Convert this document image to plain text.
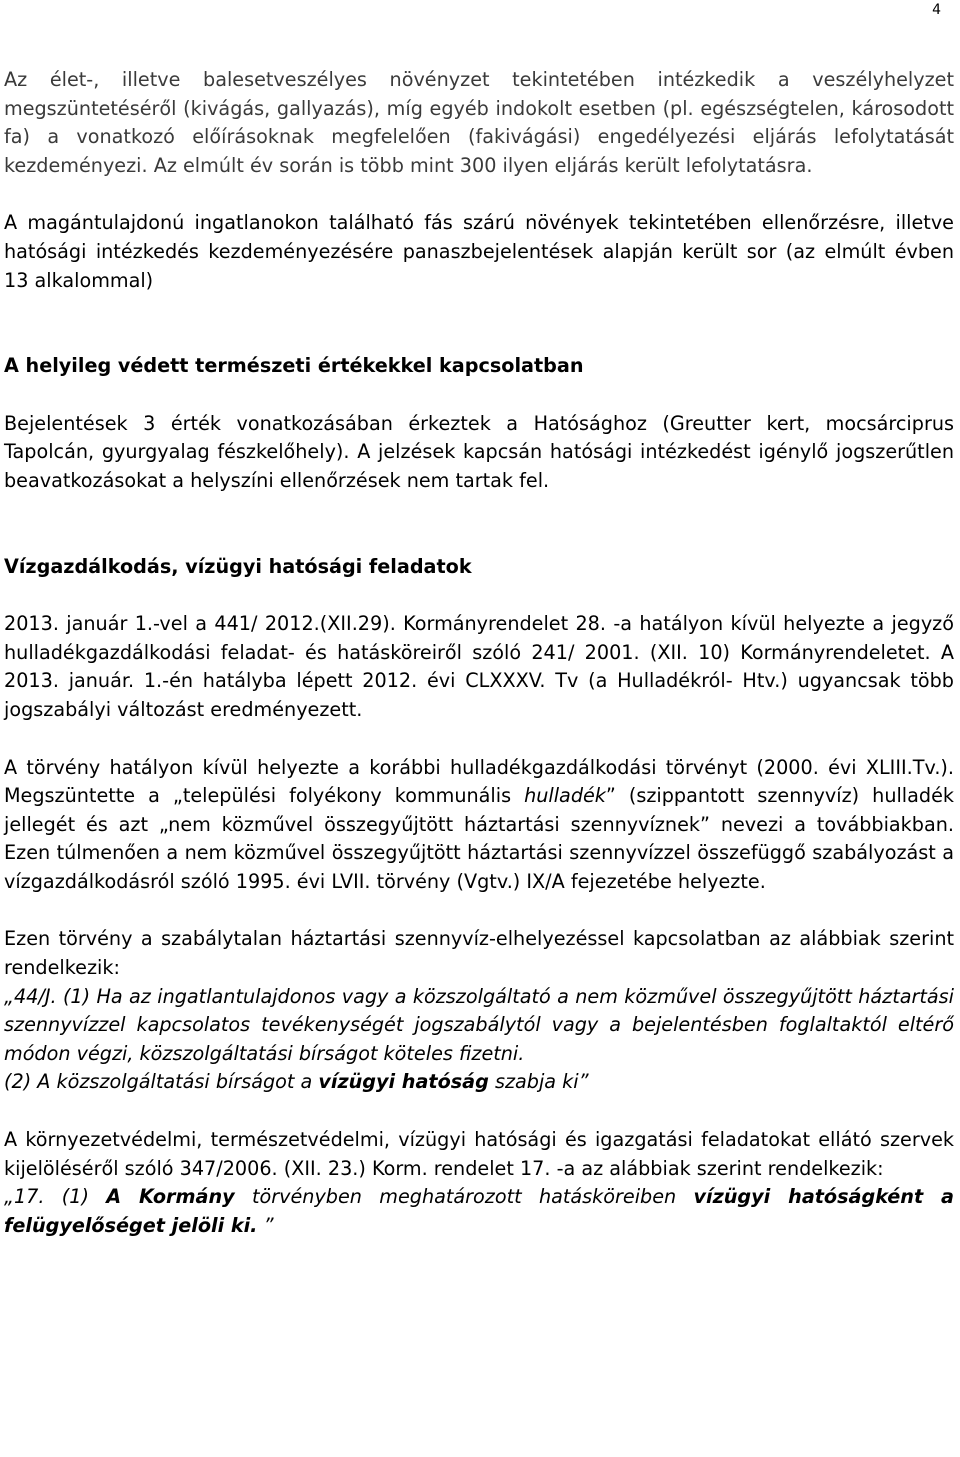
4

Az élet-, illetve balesetveszélyes növényzet tekintetében intézkedik a veszélyhelyzet megszüntetéséről (kivágás, gallyazás), míg egyéb indokolt esetben (pl. egészségtelen, károsodott fa) a vonatkozó előírásoknak megfelelően (fakivágási) engedélyezési eljárás lefolytatását kezdeményezi. Az elmúlt év során is több mint 300 ilyen eljárás került lefolytatásra.

A magántulajdonú ingatlanokon található fás szárú növények tekintetében ellenőrzésre, illetve hatósági intézkedés kezdeményezésére panaszbejelentések alapján került sor (az elmúlt évben 13 alkalommal)

A helyileg védett természeti értékekkel kapcsolatban

Bejelentések 3 érték vonatkozásában érkeztek a Hatósághoz (Greutter kert, mocsárciprus Tapolcán, gyurgyalag fészkelőhely). A jelzések kapcsán hatósági intézkedést igénylő jogszerűtlen beavatkozásokat a helyszíni ellenőrzések nem tartak fel.

Vízgazdálkodás, vízügyi hatósági feladatok

2013. január 1.-vel a 441/ 2012.(XII.29). Kormányrendelet 28. -a hatályon kívül helyezte a jegyző hulladékgazdálkodási feladat- és hatásköreiről szóló 241/ 2001. (XII. 10) Kormányrendeletet. A 2013. január. 1.-én hatályba lépett 2012. évi CLXXXV. Tv (a Hulladékról- Htv.) ugyancsak több jogszabályi változást eredményezett.

A törvény hatályon kívül helyezte a korábbi hulladékgazdálkodási törvényt (2000. évi XLIII.Tv.). Megszüntette a „települési folyékony kommunális hulladék” (szippantott szennyvíz) hulladék jellegét és azt „nem közművel összegyűjtött háztartási szennyvíznek” nevezi a továbbiakban. Ezen túlmenően a nem közművel összegyűjtött háztartási szennyvízzel összefüggő szabályozást a vízgazdálkodásról szóló 1995. évi LVII. törvény (Vgtv.) IX/A fejezetébe helyezte.

Ezen törvény a szabálytalan háztartási szennyvíz-elhelyezéssel kapcsolatban az alábbiak szerint rendelkezik:

„44/J. (1) Ha az ingatlantulajdonos vagy a közszolgáltató a nem közművel összegyűjtött háztartási szennyvízzel kapcsolatos tevékenységét jogszabálytól vagy a bejelentésben foglaltaktól eltérő módon végzi, közszolgáltatási bírságot köteles fizetni.

(2) A közszolgáltatási bírságot a vízügyi hatóság szabja ki”

A környezetvédelmi, természetvédelmi, vízügyi hatósági és igazgatási feladatokat ellátó szervek kijelöléséről szóló 347/2006. (XII. 23.) Korm. rendelet 17. -a az alábbiak szerint rendelkezik:

„17. (1) A Kormány törvényben meghatározott hatásköreiben vízügyi hatóságként a felügyelőséget jelöli ki. ”
